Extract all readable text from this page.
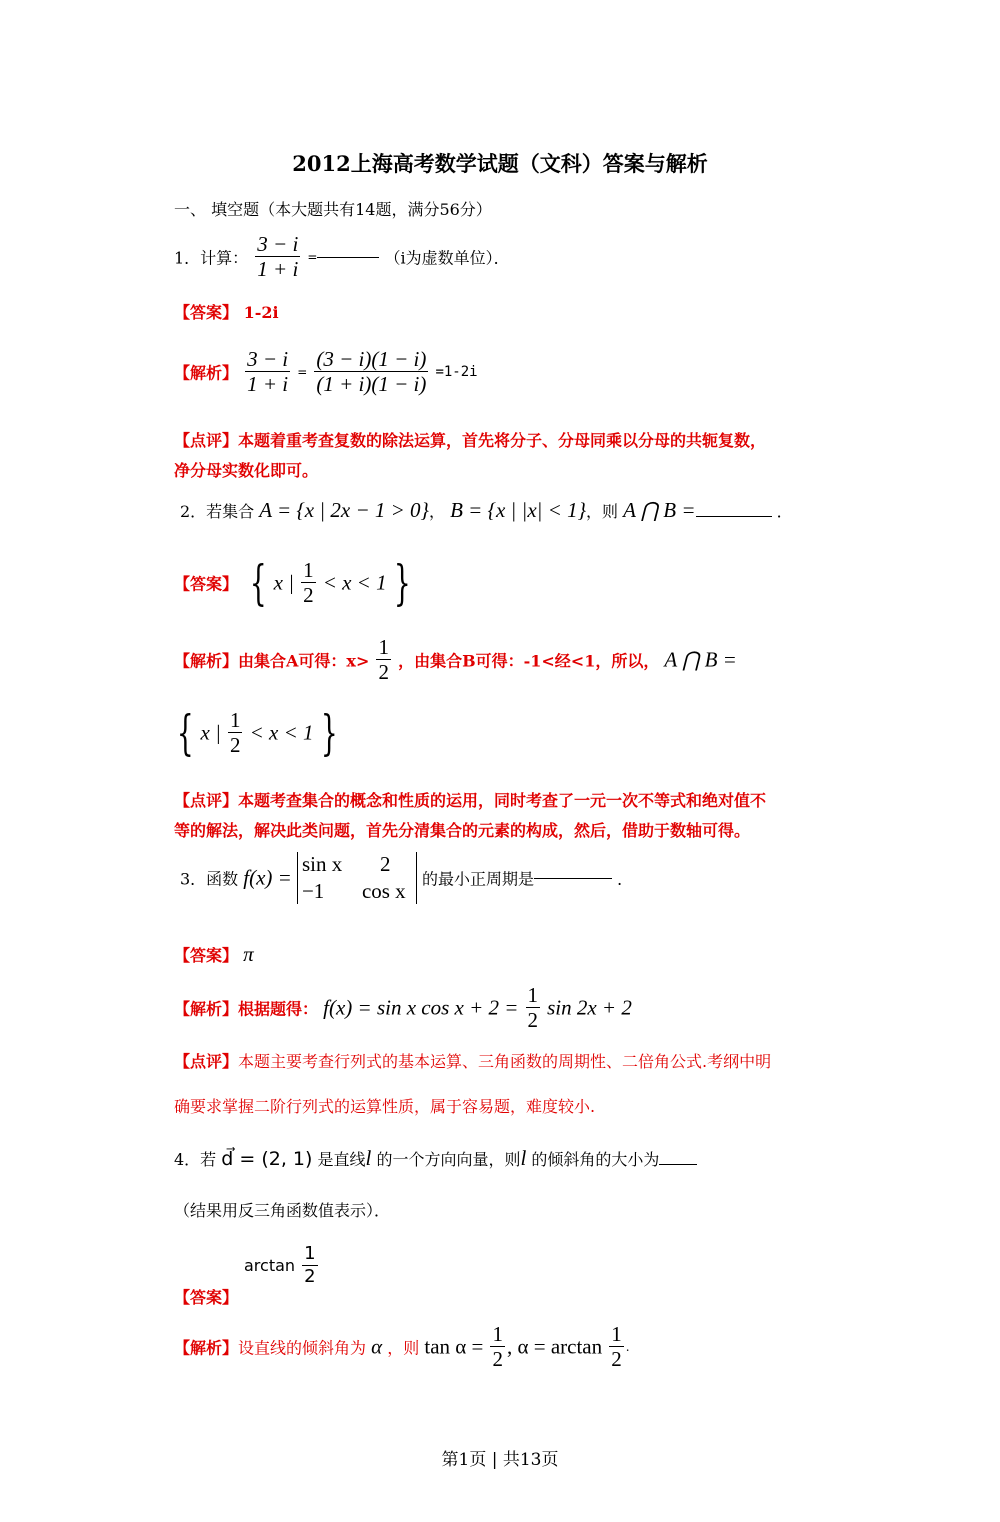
2012上海高考数学试题（文科）答案与解析
一、 填空题（本大题共有14题，满分56分）
1．计算： $\frac{3 - i}{1 + i}$ =	（i为虚数单位）．
【答案】 1-2i
【解析】 $\frac{3 - i}{1 + i} = \frac{(3 - i)(1 - i)}{(1 + i)(1 - i)} =1-2i$
【点评】本题着重考查复数的除法运算，首先将分子、分母同乘以分母的共轭复数，
净分母实数化即可。
2．若集合 A = {x | 2x − 1 > 0}， B = {x | |x| < 1}，则 A ⋂ B =	．
【答案】 { x | $\frac{1}{2} < x < 1$ }
【解析】由集合A可得：$x> \frac{1}{2}$ ，由集合B可得：-1<经<1，所以， A ⋂ B =
{ x | $\frac{1}{2} < x < 1$ }
【点评】本题考查集合的概念和性质的运用，同时考查了一元一次不等式和绝对值不
等的解法，解决此类问题，首先分清集合的元素的构成，然后，借助于数轴可得。
3．函数 f(x) =
sin x	2
−1	cos x	的最小正周期是	．
【答案】 π
【解析】根据题得： f(x) = sin x $\cos x + 2 = \frac{1}{2}$ sin 2x + 2
【点评】本题主要考查行列式的基本运算、三角函数的周期性、二倍角公式.考纲中明
确要求掌握二阶行列式的运算性质，属于容易题，难度较小.
4．若 d⃗ = (2, 1) 是直线l 的一个方向向量，则l 的倾斜角的大小为
（结果用反三角函数值表示）．
$\arctan \frac{1}{2}$
【答案】
【解析】设直线的倾斜角为 α ，则 $\tan \alpha = \frac{1}{2}$ , $\alpha = \arctan \frac{1}{2}$ .
第1页 | 共13页
